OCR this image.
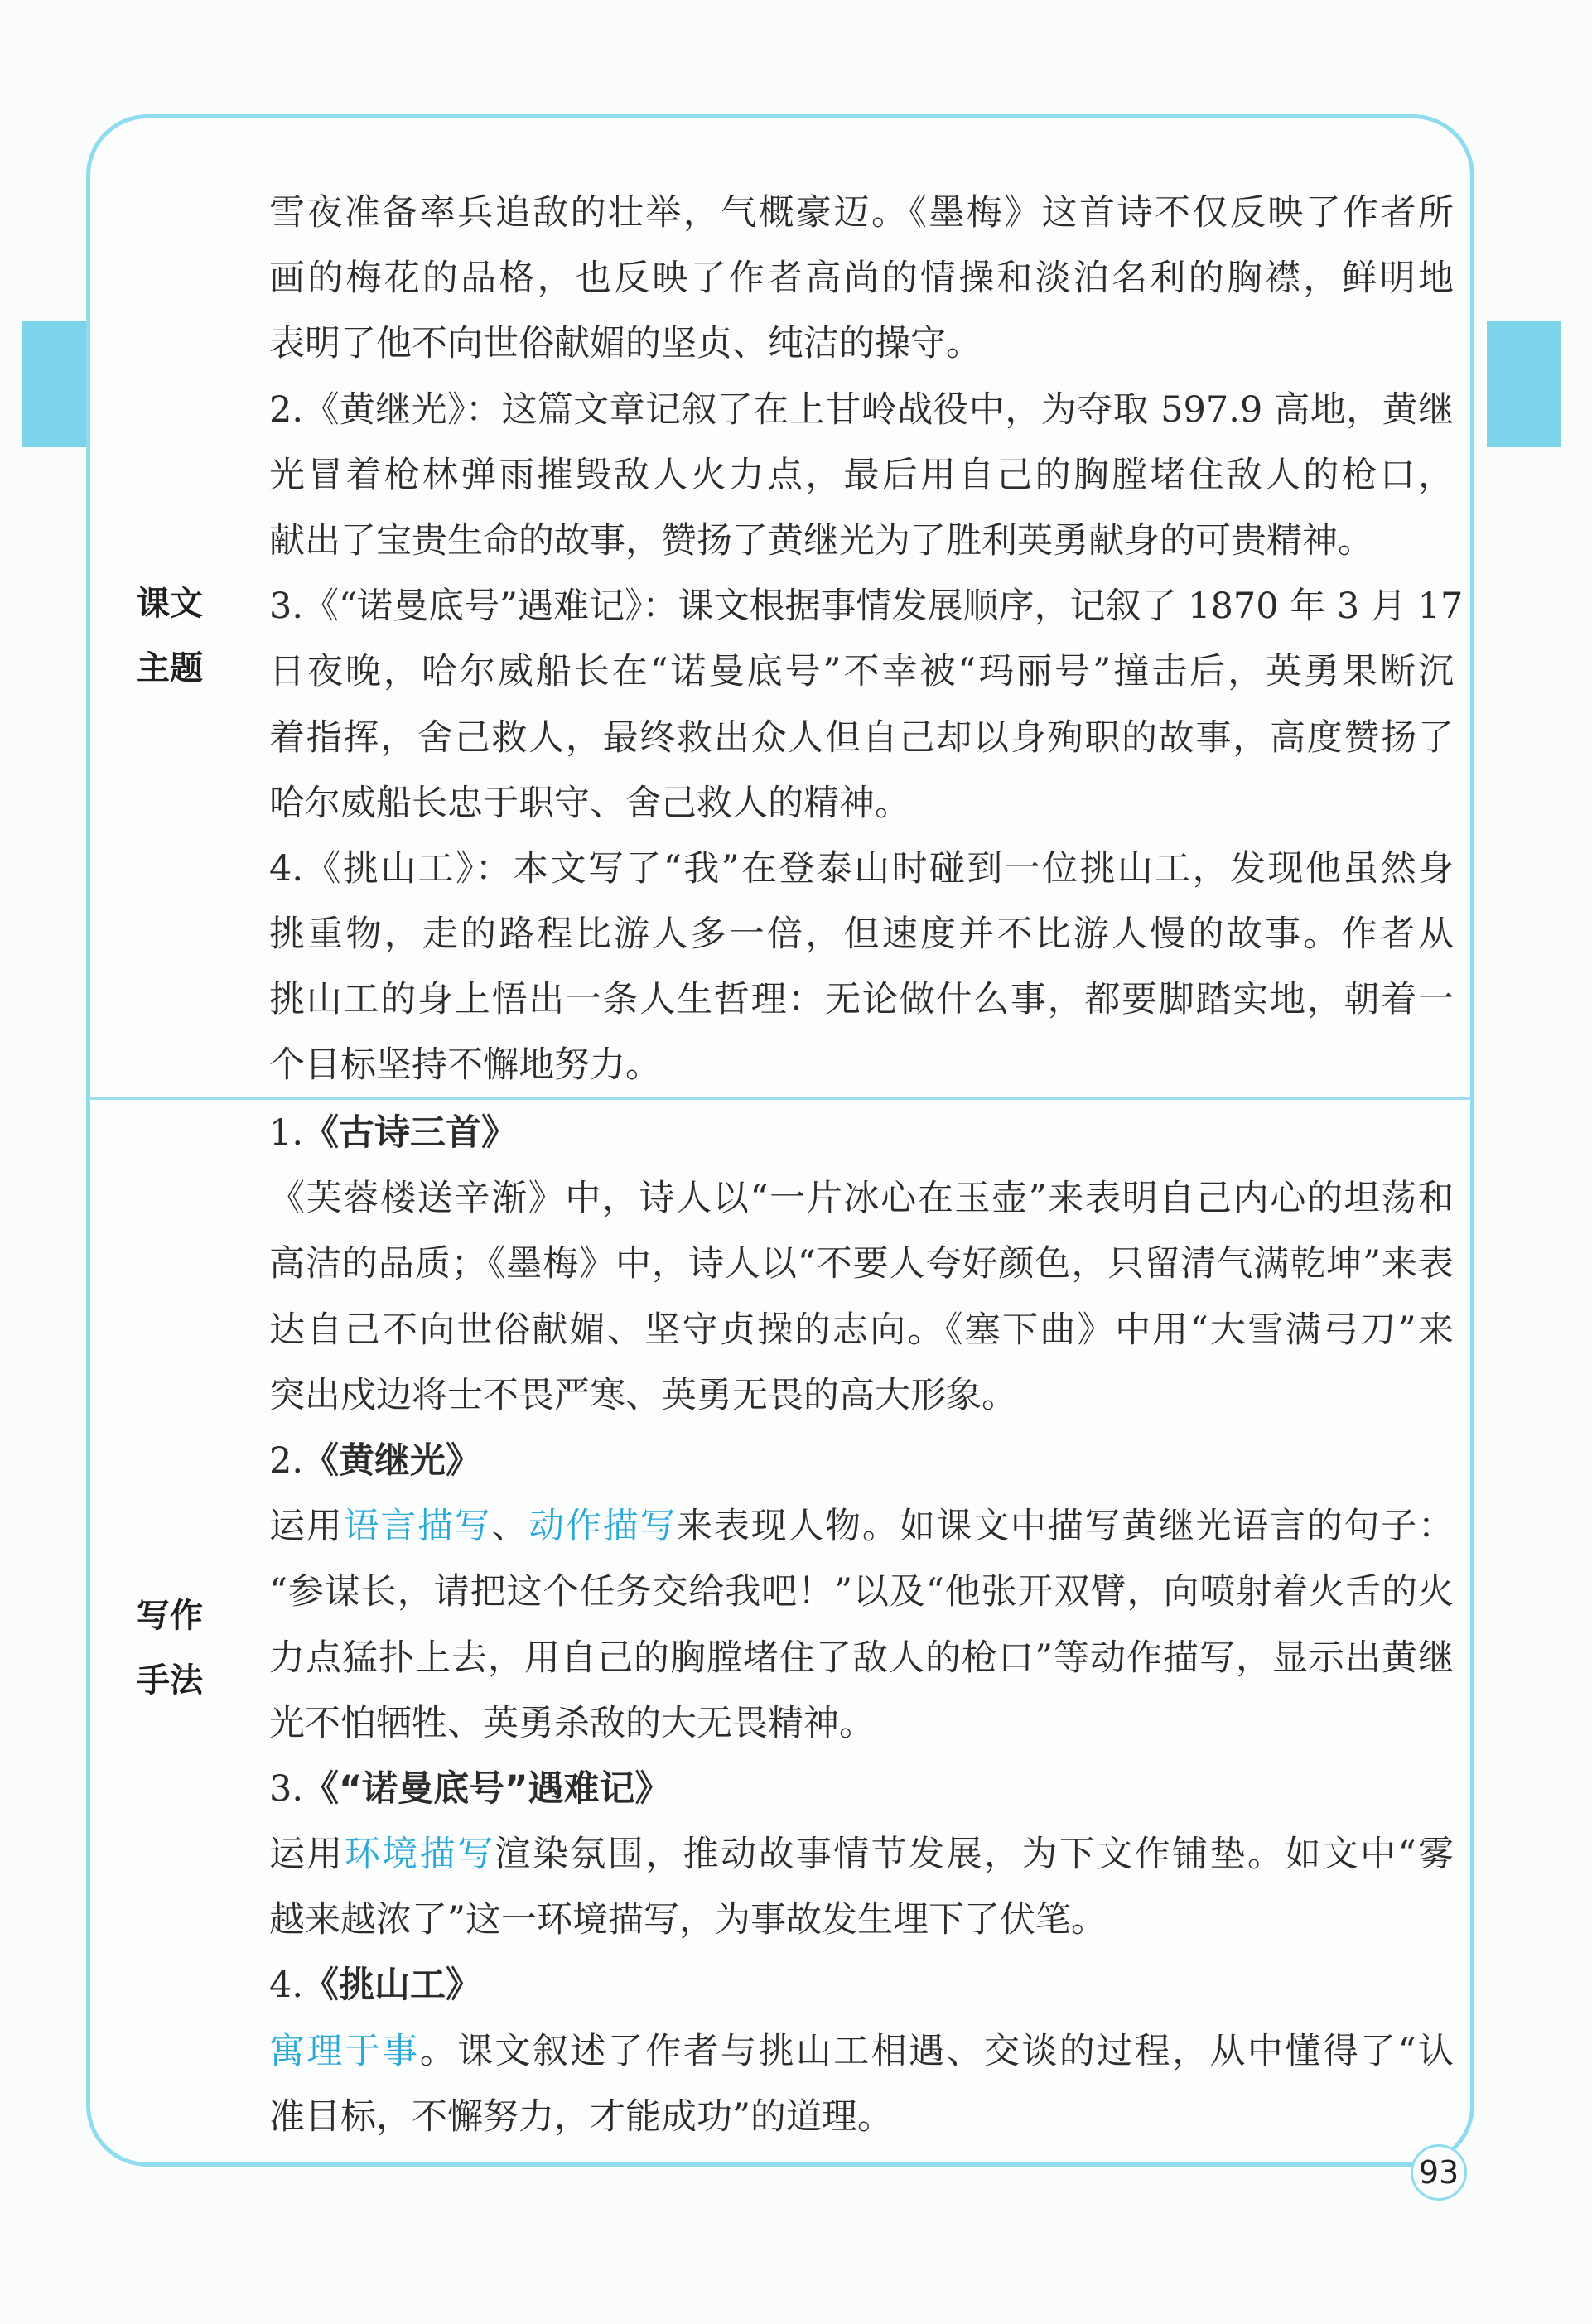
课文
主题
雪夜准备率兵追敌的壮举，气概豪迈。《墨梅》这首诗不仅反映了作者所
画的梅花的品格，也反映了作者高尚的情操和淡泊名利的胸襟，鲜明地
表明了他不向世俗献媚的坚贞、纯洁的操守。
2.《黄继光》：这篇文章记叙了在上甘岭战役中，为夺取 597.9 高地，黄继
光冒着枪林弹雨摧毁敌人火力点，最后用自己的胸膛堵住敌人的枪口，
献出了宝贵生命的故事，赞扬了黄继光为了胜利英勇献身的可贵精神。
3.《“诺曼底号”遇难记》：课文根据事情发展顺序，记叙了 1870 年 3 月 17
日夜晚，哈尔威船长在“诺曼底号”不幸被“玛丽号”撞击后，英勇果断沉
着指挥，舍己救人，最终救出众人但自己却以身殉职的故事，高度赞扬了
哈尔威船长忠于职守、舍己救人的精神。
4.《挑山工》：本文写了“我”在登泰山时碰到一位挑山工，发现他虽然身
挑重物，走的路程比游人多一倍，但速度并不比游人慢的故事。作者从
挑山工的身上悟出一条人生哲理：无论做什么事，都要脚踏实地，朝着一
个目标坚持不懈地努力。
写作
手法
1.《古诗三首》
《芙蓉楼送辛渐》中，诗人以“一片冰心在玉壶”来表明自己内心的坦荡和
高洁的品质；《墨梅》中，诗人以“不要人夸好颜色，只留清气满乾坤”来表
达自己不向世俗献媚、坚守贞操的志向。《塞下曲》中用“大雪满弓刀”来
突出戍边将士不畏严寒、英勇无畏的高大形象。
2.《黄继光》
运用语言描写、动作描写来表现人物。如课文中描写黄继光语言的句子：
“参谋长，请把这个任务交给我吧！”以及“他张开双臂，向喷射着火舌的火
力点猛扑上去，用自己的胸膛堵住了敌人的枪口”等动作描写，显示出黄继
光不怕牺牲、英勇杀敌的大无畏精神。
3.《“诺曼底号”遇难记》
运用环境描写渲染氛围，推动故事情节发展，为下文作铺垫。如文中“雾
越来越浓了”这一环境描写，为事故发生埋下了伏笔。
4.《挑山工》
寓理于事。课文叙述了作者与挑山工相遇、交谈的过程，从中懂得了“认
准目标，不懈努力，才能成功”的道理。
93
